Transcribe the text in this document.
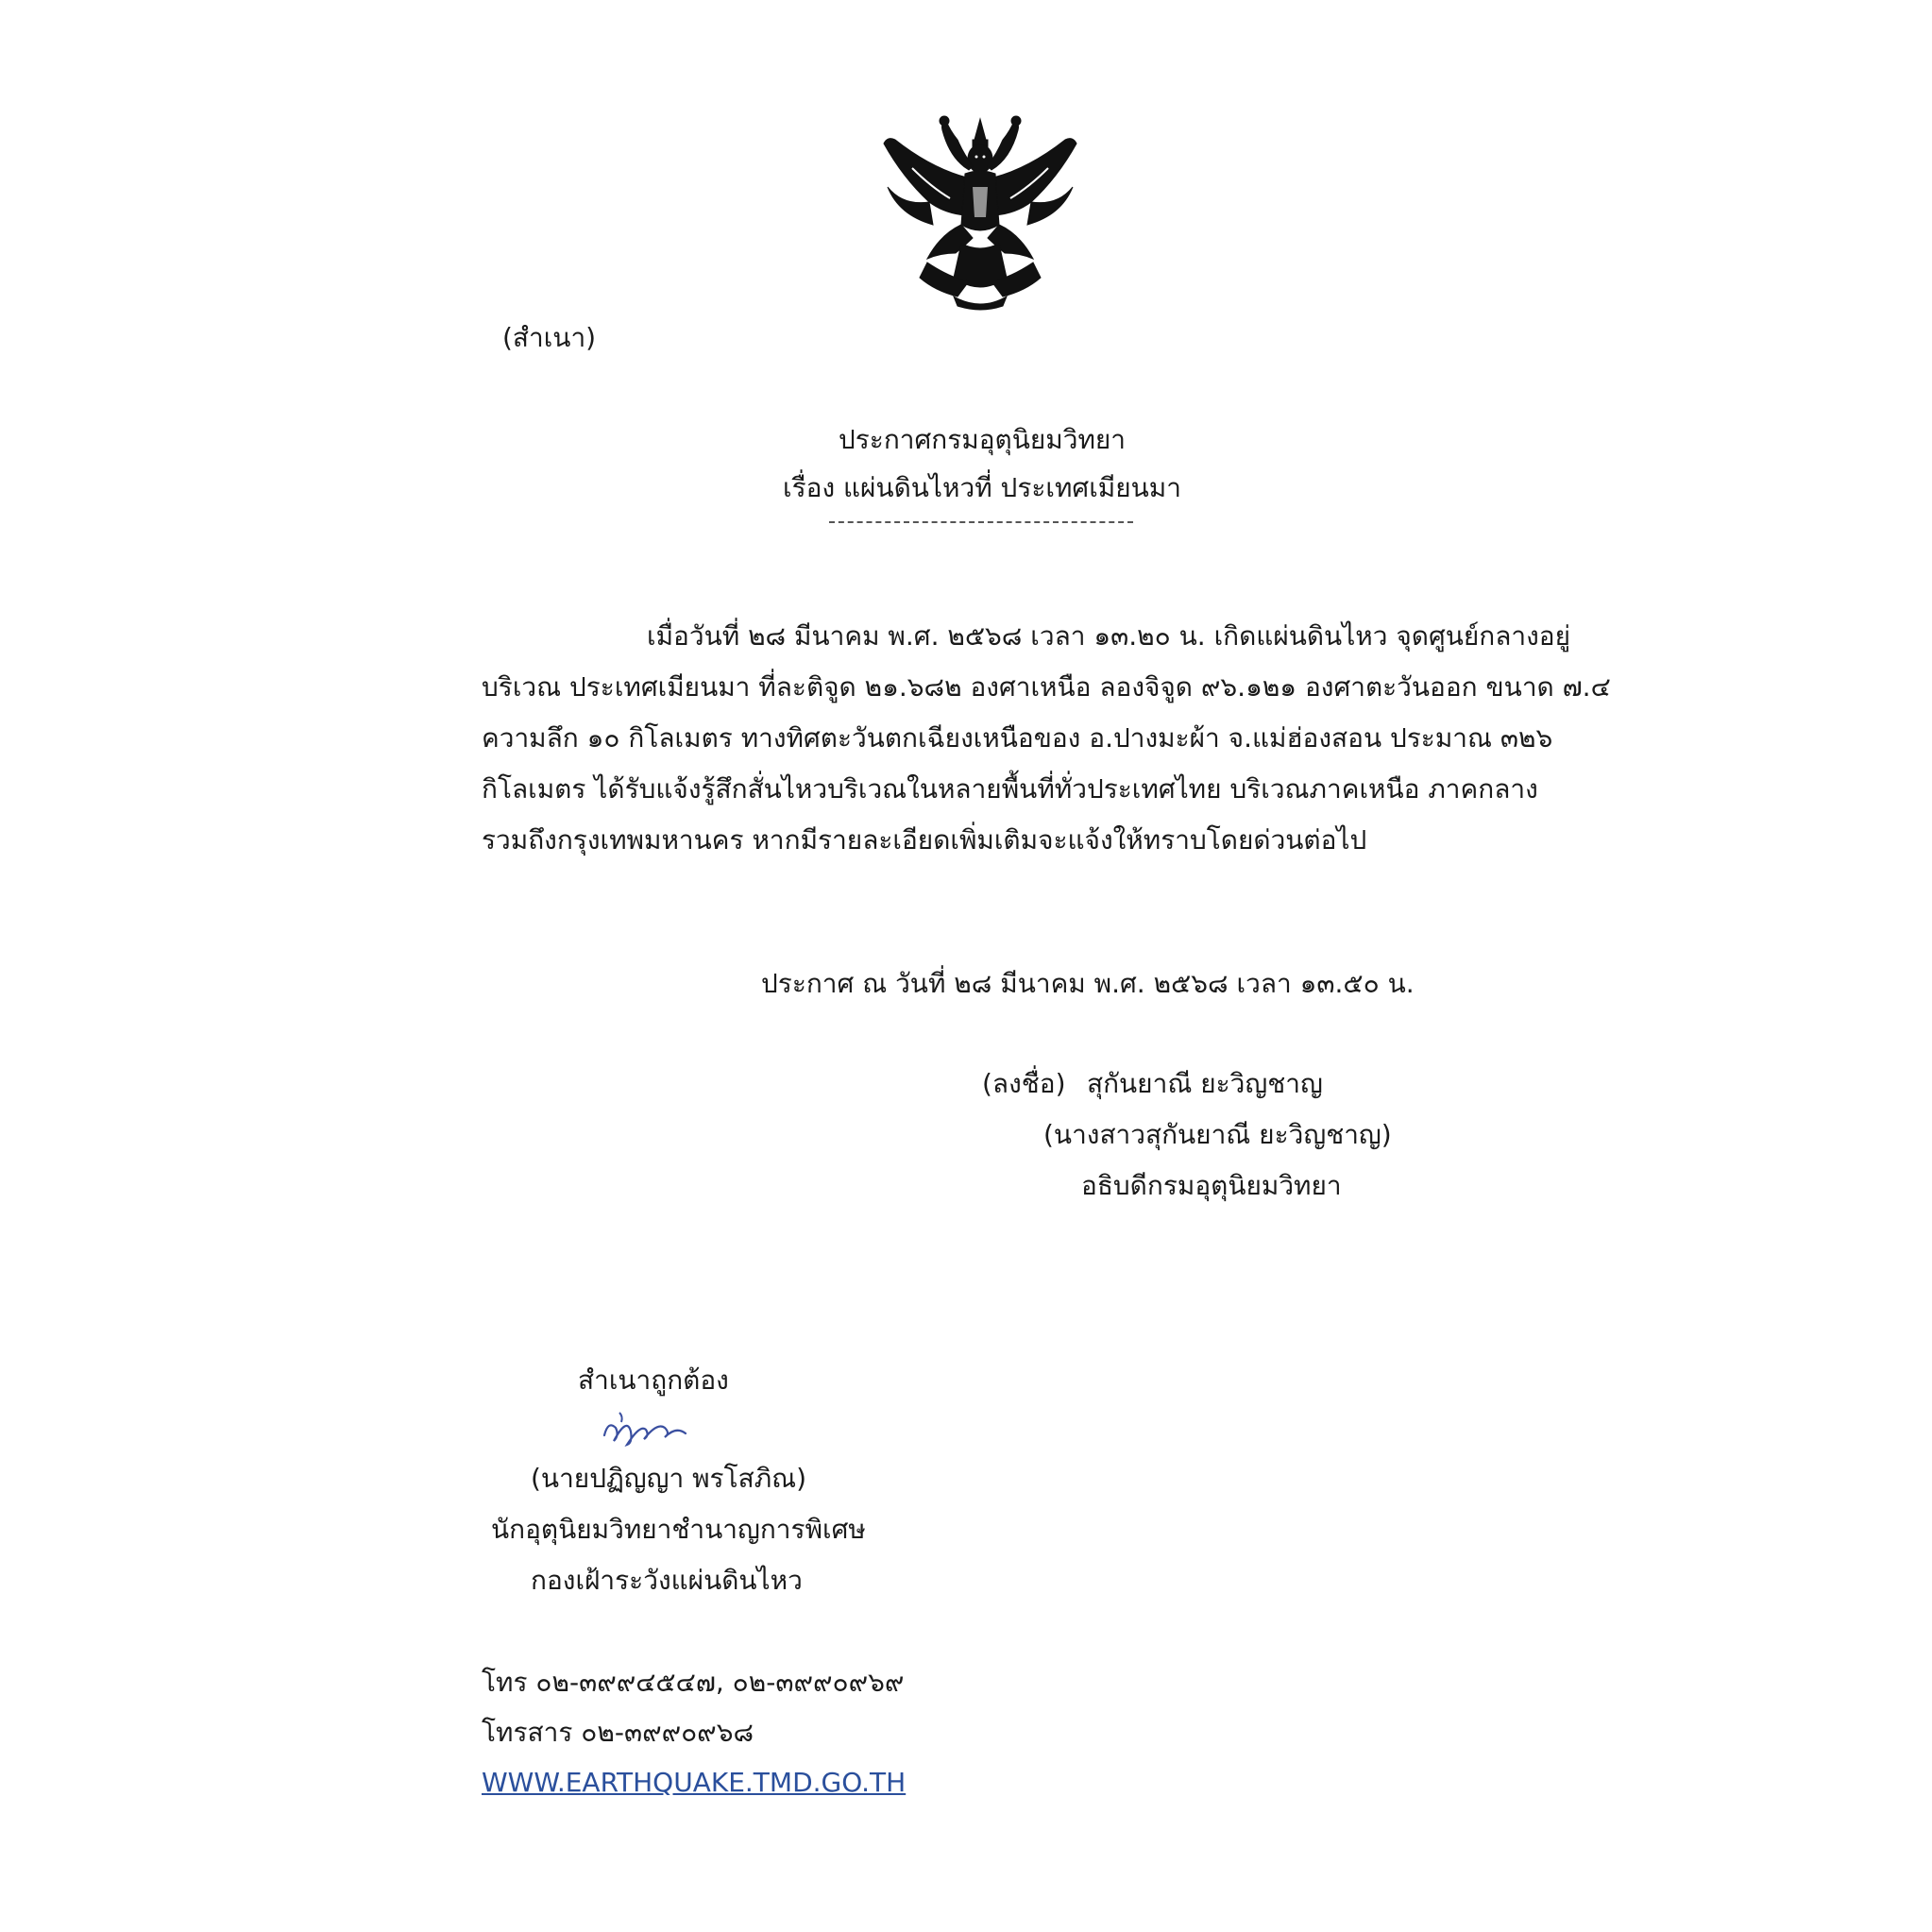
(สำเนา)
ประกาศกรมอุตุนิยมวิทยา
เรื่อง แผ่นดินไหวที่ ประเทศเมียนมา
เมื่อวันที่ ๒๘ มีนาคม พ.ศ. ๒๕๖๘ เวลา ๑๓.๒๐ น. เกิดแผ่นดินไหว จุดศูนย์กลางอยู่
บริเวณ ประเทศเมียนมา ที่ละติจูด ๒๑.๖๘๒ องศาเหนือ ลองจิจูด ๙๖.๑๒๑ องศาตะวันออก ขนาด ๗.๔
ความลึก ๑๐ กิโลเมตร ทางทิศตะวันตกเฉียงเหนือของ อ.ปางมะผ้า จ.แม่ฮ่องสอน ประมาณ ๓๒๖
กิโลเมตร ได้รับแจ้งรู้สึกสั่นไหวบริเวณในหลายพื้นที่ทั่วประเทศไทย บริเวณภาคเหนือ ภาคกลาง
รวมถึงกรุงเทพมหานคร หากมีรายละเอียดเพิ่มเติมจะแจ้งให้ทราบโดยด่วนต่อไป
ประกาศ ณ วันที่ ๒๘ มีนาคม พ.ศ. ๒๕๖๘ เวลา ๑๓.๕๐ น.
(ลงชื่อ) สุกันยาณี ยะวิญชาญ
(นางสาวสุกันยาณี ยะวิญชาญ)
อธิบดีกรมอุตุนิยมวิทยา
สำเนาถูกต้อง
(นายปฏิญญา พรโสภิณ)
นักอุตุนิยมวิทยาชำนาญการพิเศษ
กองเฝ้าระวังแผ่นดินไหว
โทร ๐๒-๓๙๙๔๕๔๗, ๐๒-๓๙๙๐๙๖๙
โทรสาร ๐๒-๓๙๙๐๙๖๘
WWW.EARTHQUAKE.TMD.GO.TH
